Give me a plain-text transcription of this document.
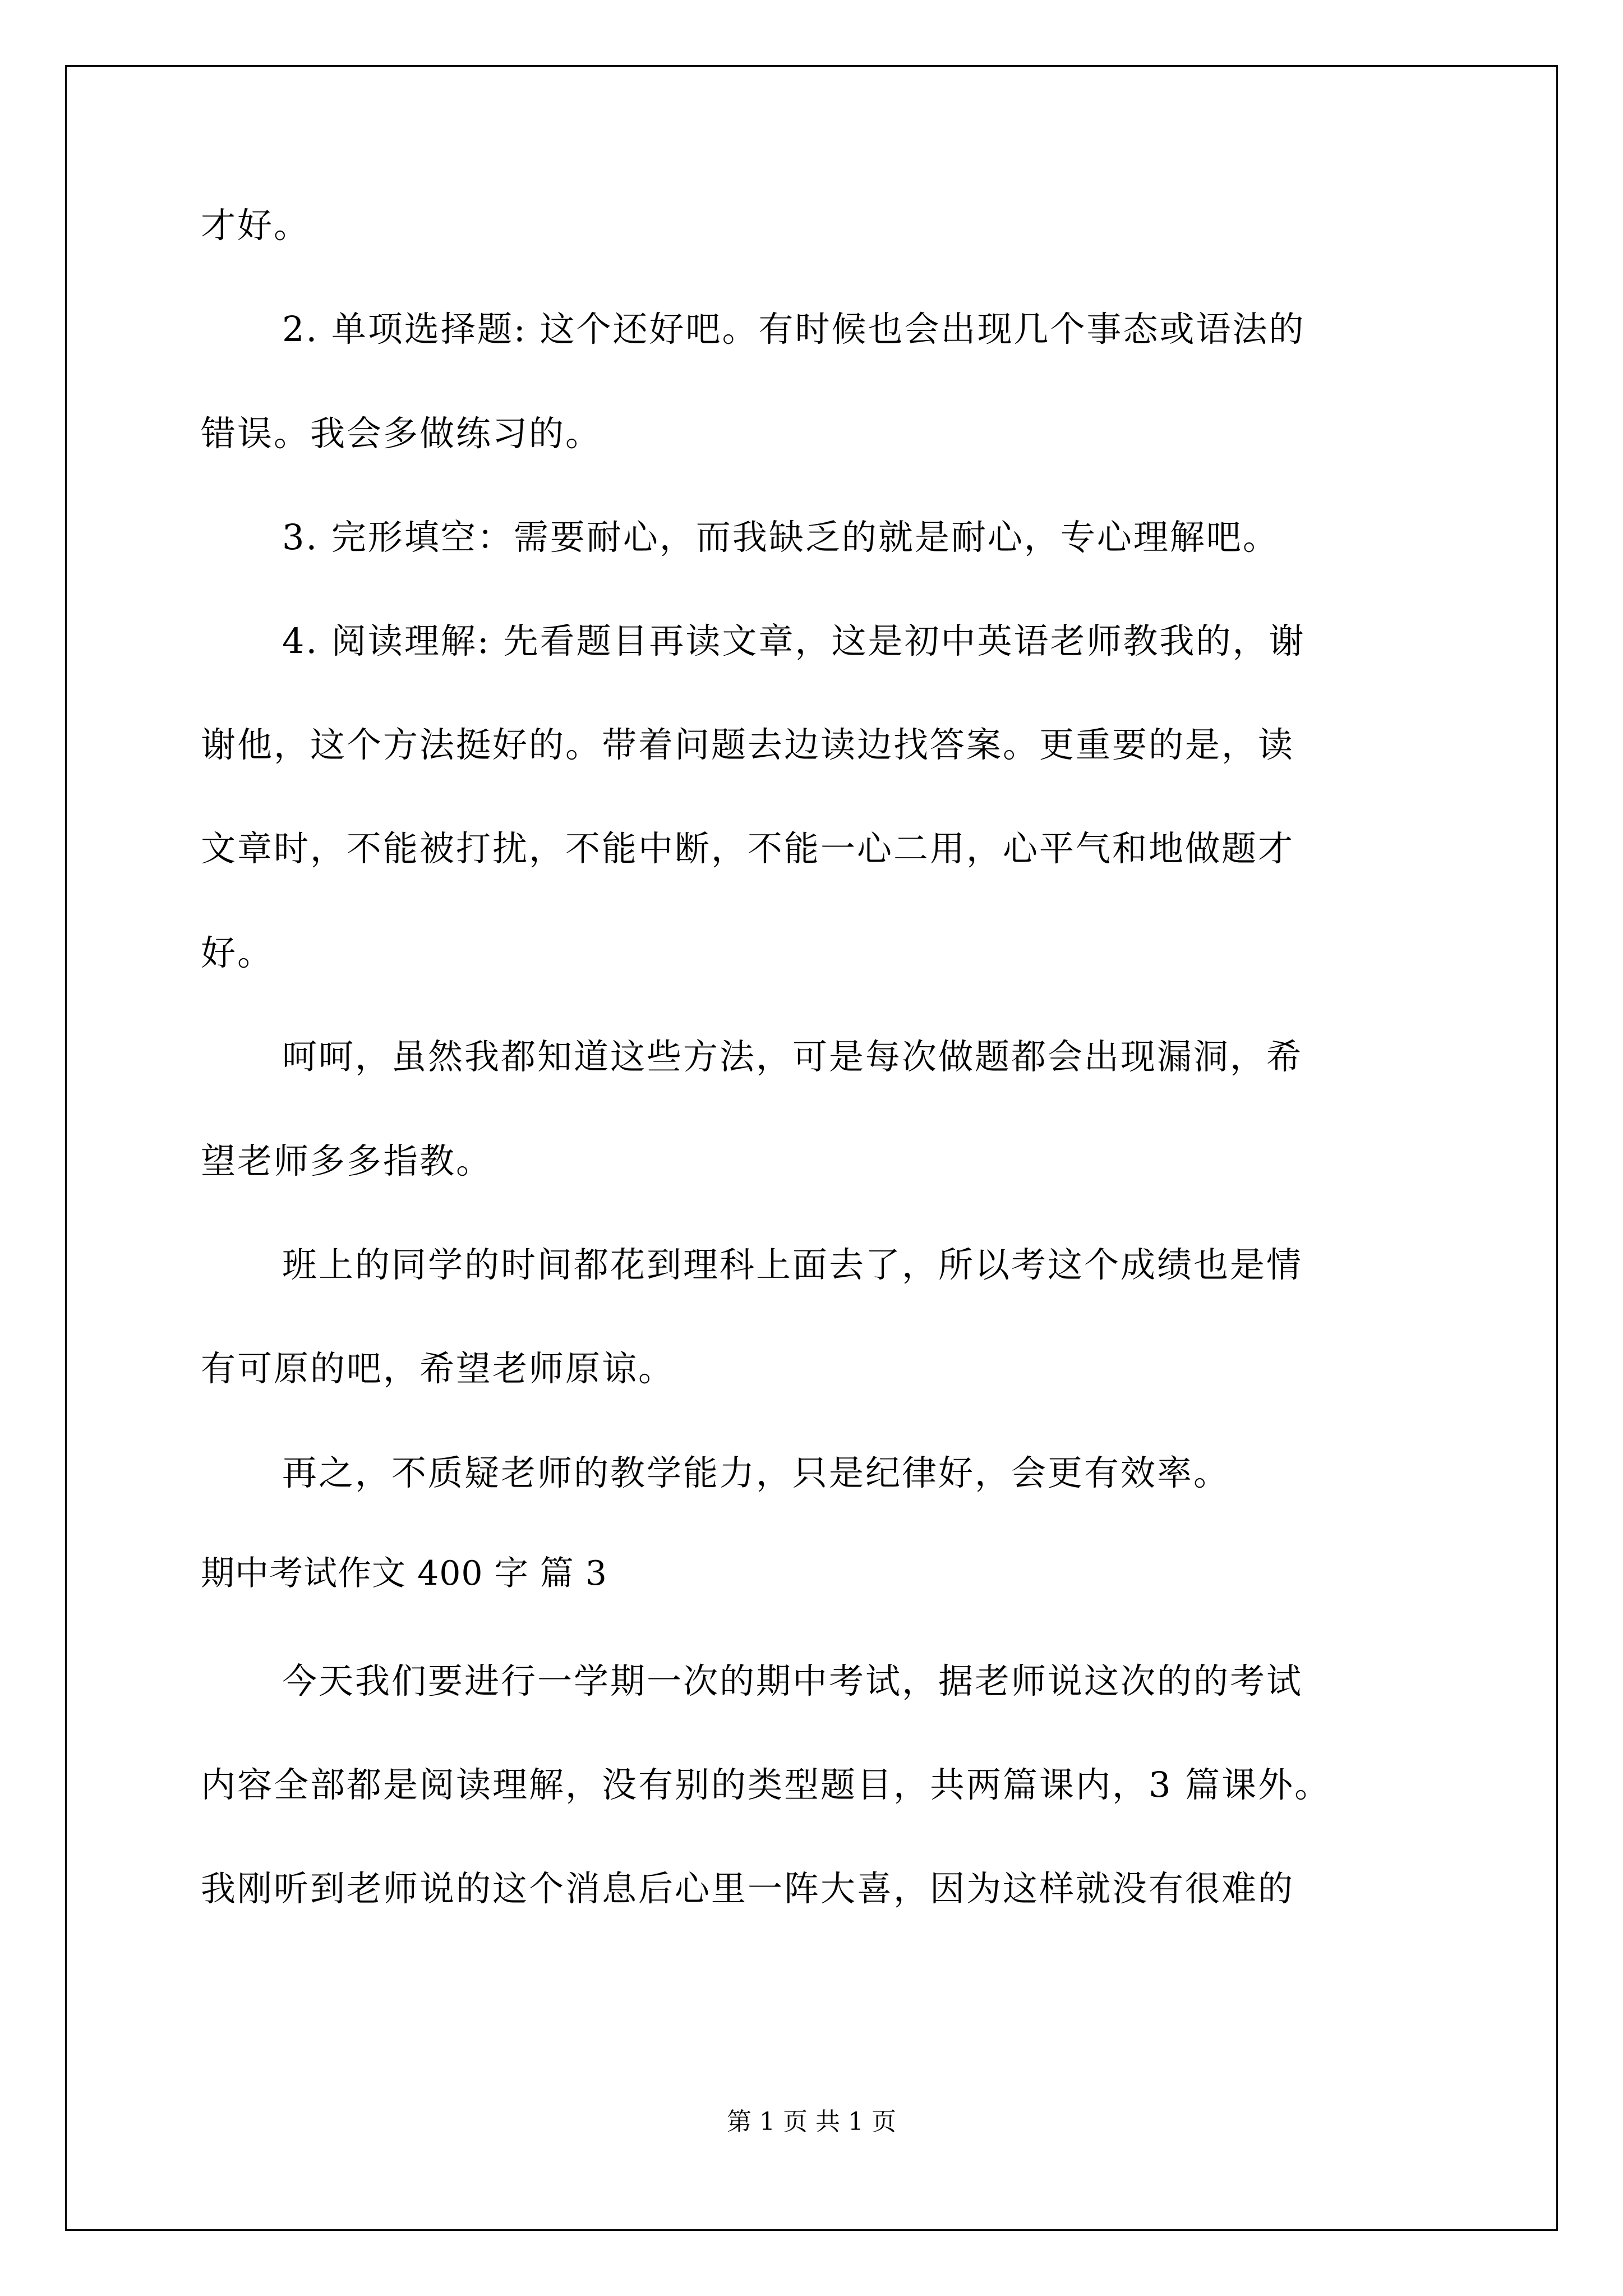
才好。
2. 单项选择题: 这个还好吧。有时候也会出现几个事态或语法的
错误。我会多做练习的。
3. 完形填空：需要耐心，而我缺乏的就是耐心，专心理解吧。
4. 阅读理解: 先看题目再读文章，这是初中英语老师教我的，谢
谢他，这个方法挺好的。带着问题去边读边找答案。更重要的是，读
文章时，不能被打扰，不能中断，不能一心二用，心平气和地做题才
好。
呵呵，虽然我都知道这些方法，可是每次做题都会出现漏洞，希
望老师多多指教。
班上的同学的时间都花到理科上面去了，所以考这个成绩也是情
有可原的吧，希望老师原谅。
再之，不质疑老师的教学能力，只是纪律好，会更有效率。
期中考试作文 400 字 篇 3
今天我们要进行一学期一次的期中考试，据老师说这次的的考试
内容全部都是阅读理解，没有别的类型题目，共两篇课内，3 篇课外。
我刚听到老师说的这个消息后心里一阵大喜，因为这样就没有很难的
第 1 页 共 1 页
